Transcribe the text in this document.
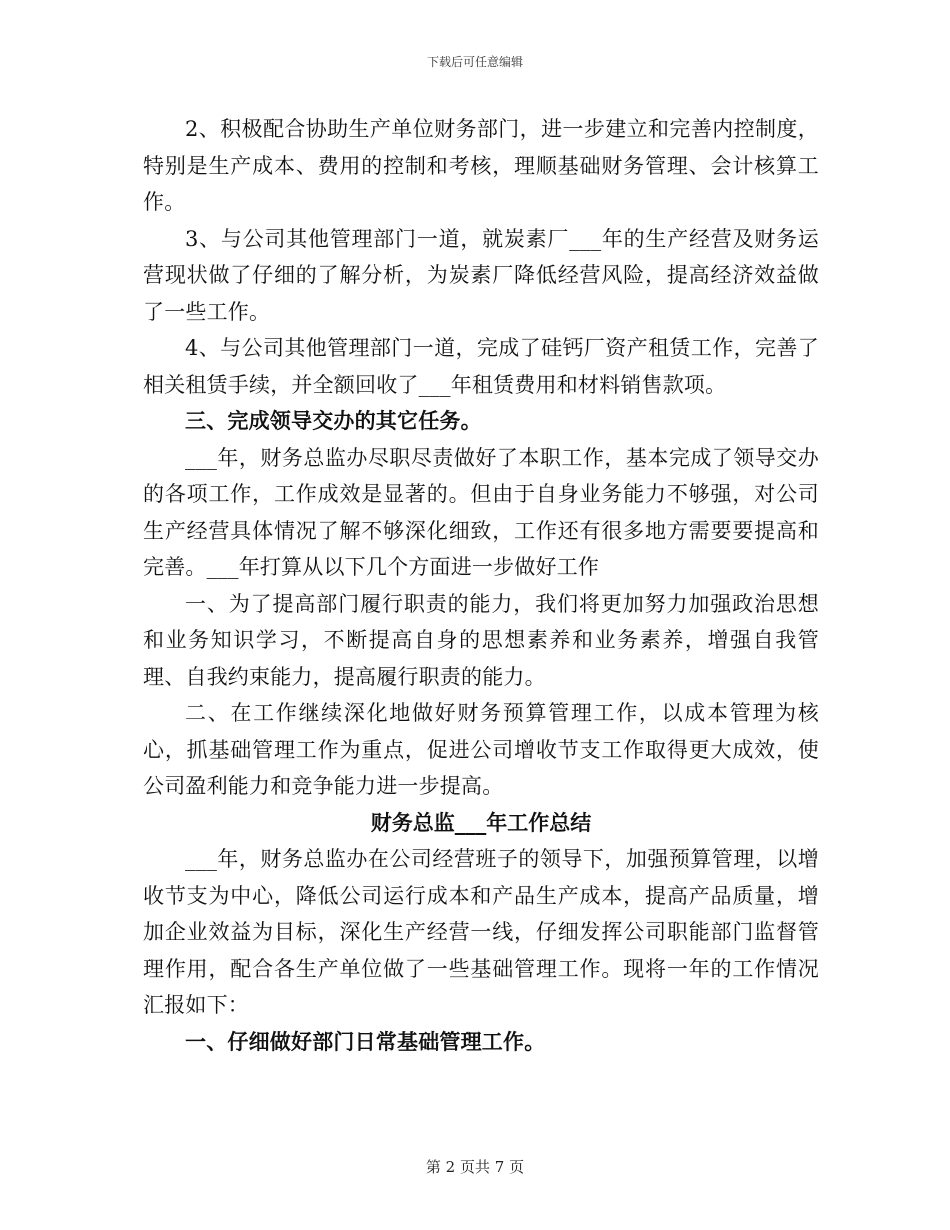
下载后可任意编辑

2、积极配合协助生产单位财务部门，进一步建立和完善内控制度，特别是生产成本、费用的控制和考核，理顺基础财务管理、会计核算工作。

3、与公司其他管理部门一道，就炭素厂___年的生产经营及财务运营现状做了仔细的了解分析，为炭素厂降低经营风险，提高经济效益做了一些工作。

4、与公司其他管理部门一道，完成了硅钙厂资产租赁工作，完善了相关租赁手续，并全额回收了___年租赁费用和材料销售款项。

三、完成领导交办的其它任务。

___年，财务总监办尽职尽责做好了本职工作，基本完成了领导交办的各项工作，工作成效是显著的。但由于自身业务能力不够强，对公司生产经营具体情况了解不够深化细致，工作还有很多地方需要要提高和完善。___年打算从以下几个方面进一步做好工作

一、为了提高部门履行职责的能力，我们将更加努力加强政治思想和业务知识学习，不断提高自身的思想素养和业务素养，增强自我管理、自我约束能力，提高履行职责的能力。

二、在工作继续深化地做好财务预算管理工作，以成本管理为核心，抓基础管理工作为重点，促进公司增收节支工作取得更大成效，使公司盈利能力和竞争能力进一步提高。

财务总监___年工作总结

___年，财务总监办在公司经营班子的领导下，加强预算管理，以增收节支为中心，降低公司运行成本和产品生产成本，提高产品质量，增加企业效益为目标，深化生产经营一线，仔细发挥公司职能部门监督管理作用，配合各生产单位做了一些基础管理工作。现将一年的工作情况汇报如下：

一、仔细做好部门日常基础管理工作。

第 2 页共 7 页
